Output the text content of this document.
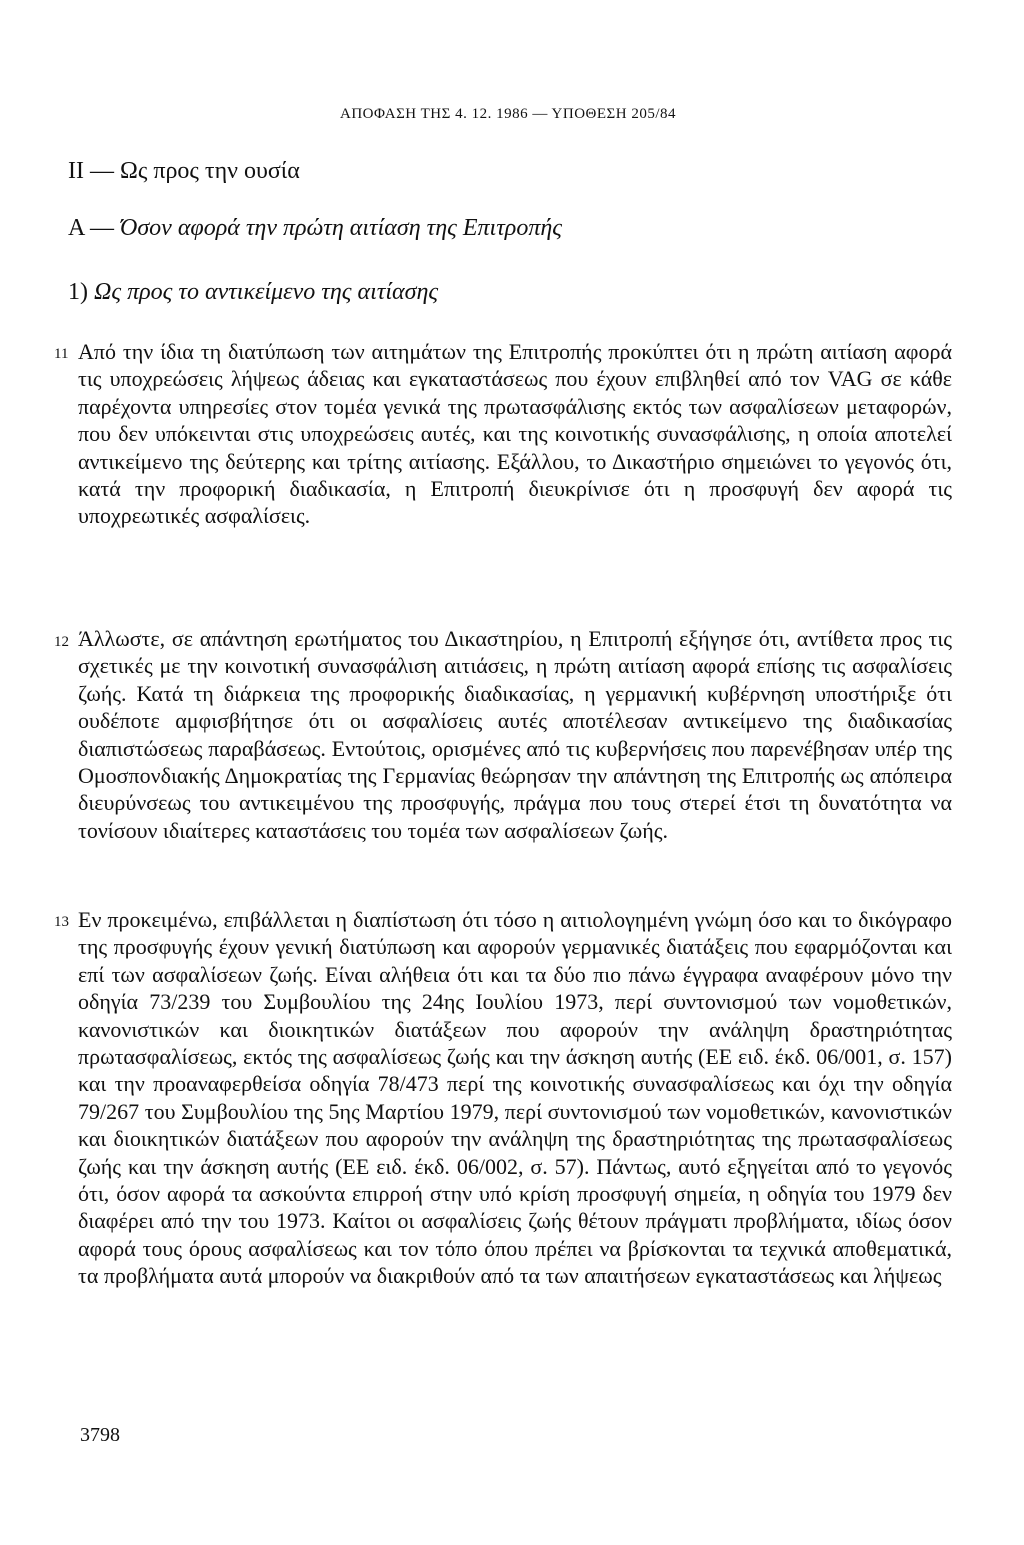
ΑΠΟΦΑΣΗ ΤΗΣ 4. 12. 1986 — ΥΠΟΘΕΣΗ 205/84
II — Ως προς την ουσία
Α — Όσον αφορά την πρώτη αιτίαση της Επιτροπής
1) Ως προς το αντικείμενο της αιτίασης
11 Από την ίδια τη διατύπωση των αιτημάτων της Επιτροπής προκύπτει ότι η πρώτη αιτίαση αφορά τις υποχρεώσεις λήψεως άδειας και εγκαταστάσεως που έχουν επιβληθεί από τον VAG σε κάθε παρέχοντα υπηρεσίες στον τομέα γενικά της πρωτασφάλισης εκτός των ασφαλίσεων μεταφορών, που δεν υπόκεινται στις υποχρεώσεις αυτές, και της κοινοτικής συνασφάλισης, η οποία αποτελεί αντικείμενο της δεύτερης και τρίτης αιτίασης. Εξάλλου, το Δικαστήριο σημειώνει το γεγονός ότι, κατά την προφορική διαδικασία, η Επιτροπή διευκρίνισε ότι η προσφυγή δεν αφορά τις υποχρεωτικές ασφαλίσεις.

12 Άλλωστε, σε απάντηση ερωτήματος του Δικαστηρίου, η Επιτροπή εξήγησε ότι, αντίθετα προς τις σχετικές με την κοινοτική συνασφάλιση αιτιάσεις, η πρώτη αιτίαση αφορά επίσης τις ασφαλίσεις ζωής. Κατά τη διάρκεια της προφορικής διαδικασίας, η γερμανική κυβέρνηση υποστήριξε ότι ουδέποτε αμφισβήτησε ότι οι ασφαλίσεις αυτές αποτέλεσαν αντικείμενο της διαδικασίας διαπιστώσεως παραβάσεως. Εντούτοις, ορισμένες από τις κυβερνήσεις που παρενέβησαν υπέρ της Ομοσπονδιακής Δημοκρατίας της Γερμανίας θεώρησαν την απάντηση της Επιτροπής ως απόπειρα διευρύνσεως του αντικειμένου της προσφυγής, πράγμα που τους στερεί έτσι τη δυνατότητα να τονίσουν ιδιαίτερες καταστάσεις του τομέα των ασφαλίσεων ζωής.

13 Εν προκειμένω, επιβάλλεται η διαπίστωση ότι τόσο η αιτιολογημένη γνώμη όσο και το δικόγραφο της προσφυγής έχουν γενική διατύπωση και αφορούν γερμανικές διατάξεις που εφαρμόζονται και επί των ασφαλίσεων ζωής. Είναι αλήθεια ότι και τα δύο πιο πάνω έγγραφα αναφέρουν μόνο την οδηγία 73/239 του Συμβουλίου της 24ης Ιουλίου 1973, περί συντονισμού των νομοθετικών, κανονιστικών και διοικητικών διατάξεων που αφορούν την ανάληψη δραστηριότητας πρωτασφαλίσεως, εκτός της ασφαλίσεως ζωής και την άσκηση αυτής (ΕΕ ειδ. έκδ. 06/001, σ. 157) και την προαναφερθείσα οδηγία 78/473 περί της κοινοτικής συνασφαλίσεως και όχι την οδηγία 79/267 του Συμβουλίου της 5ης Μαρτίου 1979, περί συντονισμού των νομοθετικών, κανονιστικών και διοικητικών διατάξεων που αφορούν την ανάληψη της δραστηριότητας της πρωτασφαλίσεως ζωής και την άσκηση αυτής (ΕΕ ειδ. έκδ. 06/002, σ. 57). Πάντως, αυτό εξηγείται από το γεγονός ότι, όσον αφορά τα ασκούντα επιρροή στην υπό κρίση προσφυγή σημεία, η οδηγία του 1979 δεν διαφέρει από την του 1973. Καίτοι οι ασφαλίσεις ζωής θέτουν πράγματι προβλήματα, ιδίως όσον αφορά τους όρους ασφαλίσεως και τον τόπο όπου πρέπει να βρίσκονται τα τεχνικά αποθεματικά, τα προβλήματα αυτά μπορούν να διακριθούν από τα των απαιτήσεων εγκαταστάσεως και λήψεως

3798
